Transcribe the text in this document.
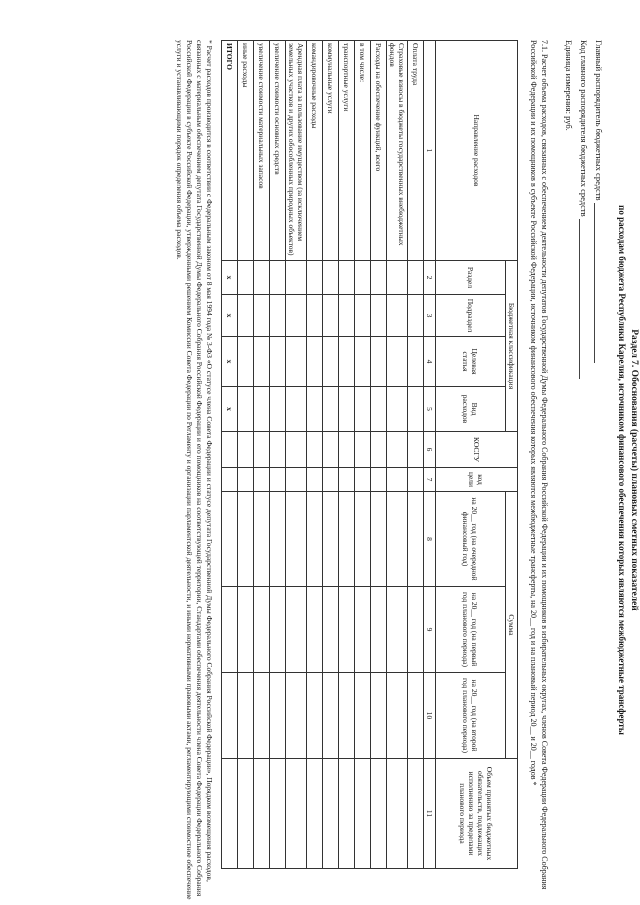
Раздел 7. Обоснования (расчеты) плановых сметных показателей
по расходам бюджета Республики Карелия, источником финансового обеспечения которых являются межбюджетные трансферты
Главный распорядитель бюджетных средств
Код главного распорядителя бюджетных средств
Единица измерения: руб.
7.1. Расчет объема расходов, связанных с обеспечением деятельности депутатов Государственной Думы Федерального Собрания Российской Федерации и их помощников в избирательных округах, членов Совета Федерации Федерального Собрания Российской Федерации и их помощников в субъекте Российской Федерации, источником финансового обеспечения которых являются межбюджетные трансферты, на 20__ год и на плановый период 20__ и 20__ годов *
Направление расходов	Бюджетная классификация				КОСГУ	код цели	Сумма			Объем принятых бюджетных обязательств, подлежащих исполнению за пределами планового периода
	Раздел	Подраздел	Целевая статья	Вид расходов			на 20__ год (на очередной финансовый год)	на 20__ год (на первый год планового периода)	на 20__ год (на второй год планового периода)	

1	2	3	4	5	6	7	8	9	10	11
Оплата труда										
Страховые взносы в бюджеты государственных внебюджетных фондов										
Расходы на обеспечение функций, всего										
в том числе:										
транспортные услуги										
коммунальные услуги										
командировочные расходы										
Арендная плата за пользование имуществом (за исключением земельных участков и других обособленных природных объектов)										
увеличение стоимости основных средств										
увеличение стоимости материальных запасов										
иные расходы										
ИТОГО	х	х	х	х						
* Расчет расходов производится в соответствии с Федеральным законом от 8 мая 1994 года № 3-ФЗ «О статусе члена Совета Федерации и статусе депутата Государственной Думы Федерального Собрания Российской Федерации», Порядком возмещения расходов, связанных с материальным обеспечением депутата Государственной Думы Федерального Собрания Российской Федерации и его помощников на соответствующей территории, Стандартами обеспечения деятельности члена Совета Федерации Федерального Собрания Российской Федерации в субъекте Российской Федерации, утвержденными решением Комиссии Совета Федерации по Регламенту и организации парламентской деятельности, и иными нормативными правовыми актами, регламентирующими стоимостное обеспечение услуги и устанавливающими порядок определения объема расходов.
